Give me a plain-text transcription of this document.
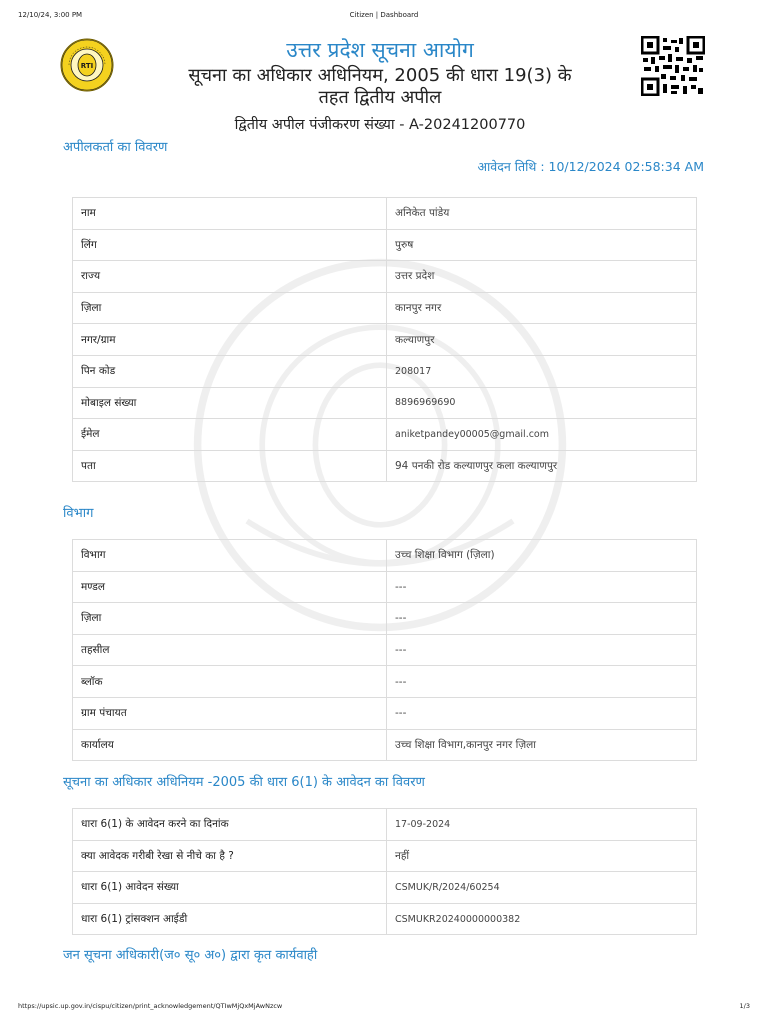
12/10/24, 3:00 PM	Citizen | Dashboard
RTI
उत्तर प्रदेश सूचना आयोग
सूचना का अधिकार अधिनियम, 2005 की धारा 19(3) के
तहत द्वितीय अपील
द्वितीय अपील पंजीकरण संख्या - A-20241200770
अपीलकर्ता का विवरण
आवेदन तिथि : 10/12/2024 02:58:34 AM
नाम	अनिकेत पांडेय
लिंग	पुरुष
राज्य	उत्तर प्रदेश
ज़िला	कानपुर नगर
नगर/ग्राम	कल्याणपुर
पिन कोड	208017
मोबाइल संख्या	8896969690
ईमेल	aniketpandey00005@gmail.com
पता	94 पनकी रोड कल्याणपुर कला कल्याणपुर
विभाग
विभाग	उच्च शिक्षा विभाग (ज़िला)
मण्डल	---
ज़िला	---
तहसील	---
ब्लॉक	---
ग्राम पंचायत	---
कार्यालय	उच्च शिक्षा विभाग,कानपुर नगर ज़िला
सूचना का अधिकार अधिनियम -2005 की धारा 6(1) के आवेदन का विवरण
धारा 6(1) के आवेदन करने का दिनांक	17-09-2024
क्या आवेदक गरीबी रेखा से नीचे का है ?	नहीं
धारा 6(1) आवेदन संख्या	CSMUK/R/2024/60254
धारा 6(1) ट्रांसक्शन आईडी	CSMUKR20240000000382
जन सूचना अधिकारी(ज० सू० अ०) द्वारा कृत कार्यवाही
https://upsic.up.gov.in/cispu/citizen/print_acknowledgement/QTIwMjQxMjAwNzcw	1/3
